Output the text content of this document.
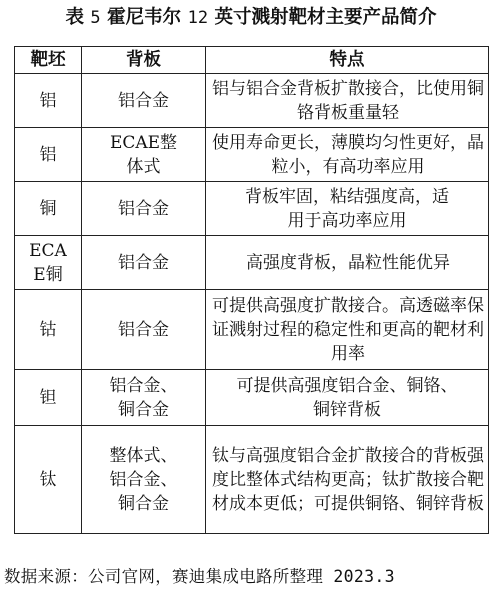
表 5 霍尼韦尔 12 英寸溅射靶材主要产品简介
靶坯	背板	特点
铝	铝合金	铝与铝合金背板扩散接合，比使用铜铬背板重量轻
铝	ECAE整体式	使用寿命更长，薄膜均匀性更好，晶粒小，有高功率应用
铜	铝合金	背板牢固，粘结强度高，适用于高功率应用
ECAE铜	铝合金	高强度背板，晶粒性能优异
钴	铝合金	可提供高强度扩散接合。高透磁率保证溅射过程的稳定性和更高的靶材利用率
钽	铝合金、铜合金	可提供高强度铝合金、铜铬、铜锌背板
钛	整体式、铝合金、铜合金	钛与高强度铝合金扩散接合的背板强度比整体式结构更高；钛扩散接合靶材成本更低；可提供铜铬、铜锌背板
数据来源：公司官网，赛迪集成电路所整理 2023.3
